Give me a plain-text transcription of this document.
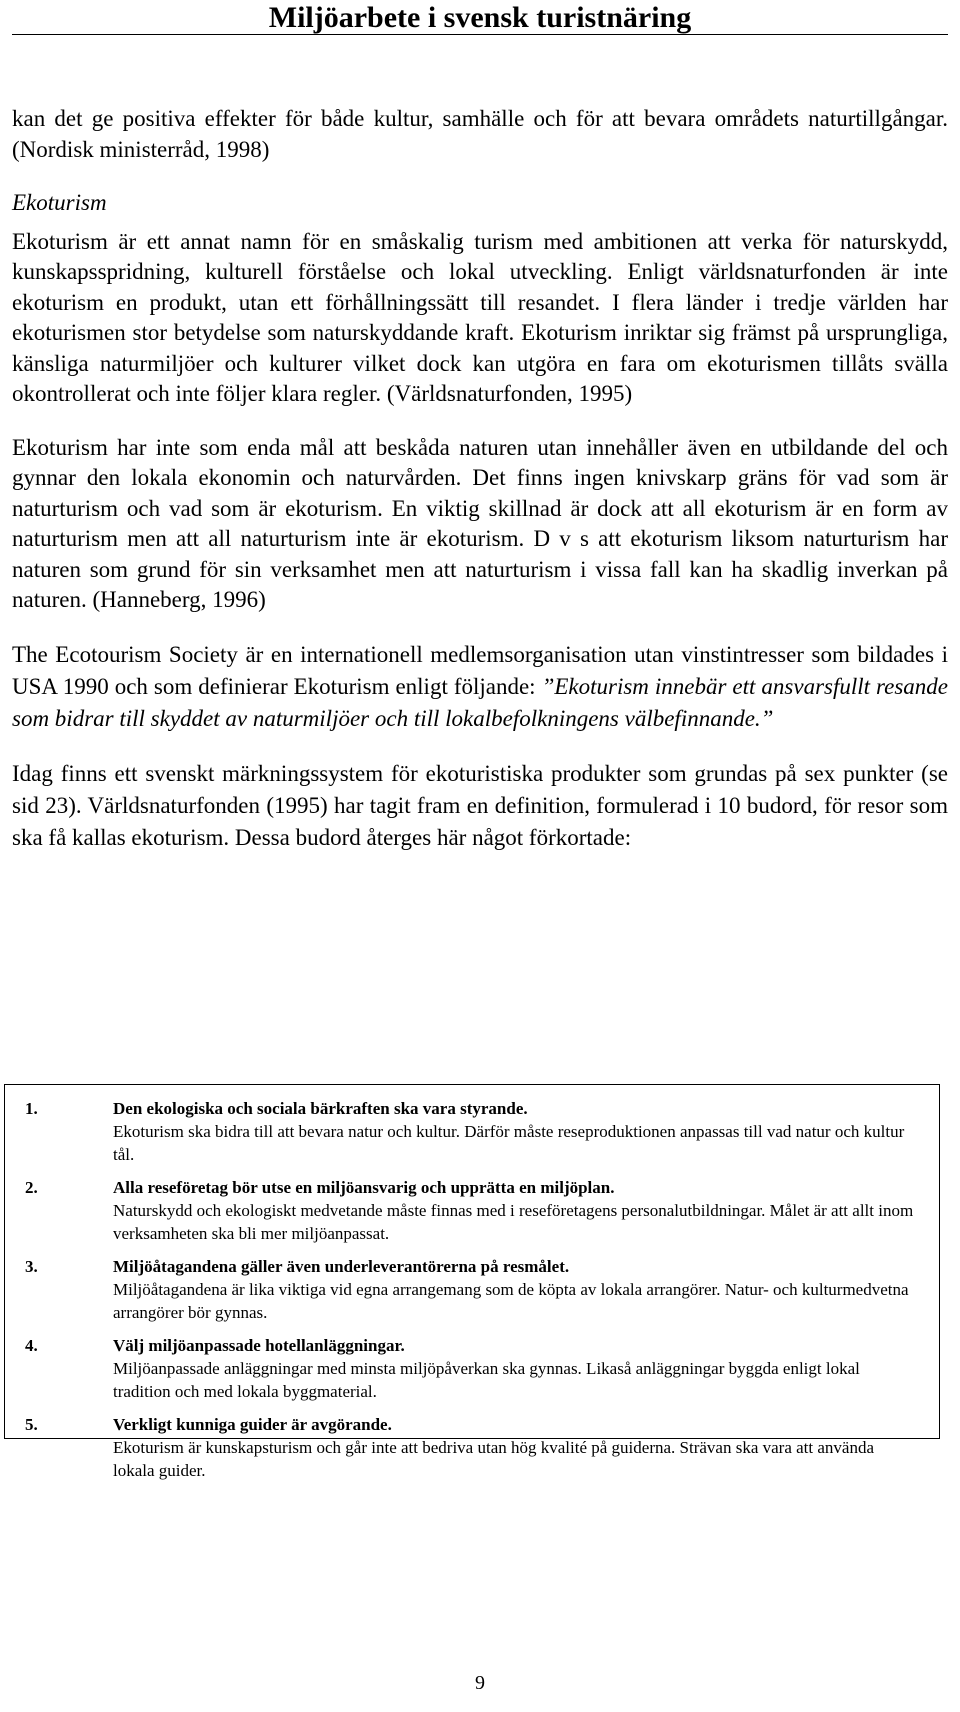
Miljöarbete i svensk turistnäring

kan det ge positiva effekter för både kultur, samhälle och för att bevara områdets naturtillgångar. (Nordisk ministerråd, 1998)

Ekoturism

Ekoturism är ett annat namn för en småskalig turism med ambitionen att verka för naturskydd, kunskapsspridning, kulturell förståelse och lokal utveckling. Enligt världsnaturfonden är inte ekoturism en produkt, utan ett förhållningssätt till resandet. I flera länder i tredje världen har ekoturismen stor betydelse som naturskyddande kraft. Ekoturism inriktar sig främst på ursprungliga, känsliga naturmiljöer och kulturer vilket dock kan utgöra en fara om ekoturismen tillåts svälla okontrollerat och inte följer klara regler. (Världsnaturfonden, 1995)

Ekoturism har inte som enda mål att beskåda naturen utan innehåller även en utbildande del och gynnar den lokala ekonomin och naturvården. Det finns ingen knivskarp gräns för vad som är naturturism och vad som är ekoturism. En viktig skillnad är dock att all ekoturism är en form av naturturism men att all naturturism inte är ekoturism. D v s att ekoturism liksom naturturism har naturen som grund för sin verksamhet men att naturturism i vissa fall kan ha skadlig inverkan på naturen. (Hanneberg, 1996)

The Ecotourism Society är en internationell medlemsorganisation utan vinstintresser som bildades i USA 1990 och som definierar Ekoturism enligt följande: ”Ekoturism innebär ett ansvarsfullt resande som bidrar till skyddet av naturmiljöer och till lokalbefolkningens välbefinnande.”

Idag finns ett svenskt märkningssystem för ekoturistiska produkter som grundas på sex punkter (se sid 23). Världsnaturfonden (1995) har tagit fram en definition, formulerad i 10 budord, för resor som ska få kallas ekoturism. Dessa budord återges här något förkortade:

1.	Den ekologiska och sociala bärkraften ska vara styrande.
Ekoturism ska bidra till att bevara natur och kultur. Därför måste reseproduktionen anpassas till vad natur och kultur tål.
2.	Alla reseföretag bör utse en miljöansvarig och upprätta en miljöplan.
Naturskydd och ekologiskt medvetande måste finnas med i reseföretagens personalutbildningar. Målet är att allt inom verksamheten ska bli mer miljöanpassat.
3.	Miljöåtagandena gäller även underleverantörerna på resmålet.
Miljöåtagandena är lika viktiga vid egna arrangemang som de köpta av lokala arrangörer. Natur- och kulturmedvetna arrangörer bör gynnas.
4.	Välj miljöanpassade hotellanläggningar.
Miljöanpassade anläggningar med minsta miljöpåverkan ska gynnas. Likaså anläggningar byggda enligt lokal tradition och med lokala byggmaterial.
5.	Verkligt kunniga guider är avgörande.
Ekoturism är kunskapsturism och går inte att bedriva utan hög kvalité på guiderna. Strävan ska vara att använda lokala guider.
9
